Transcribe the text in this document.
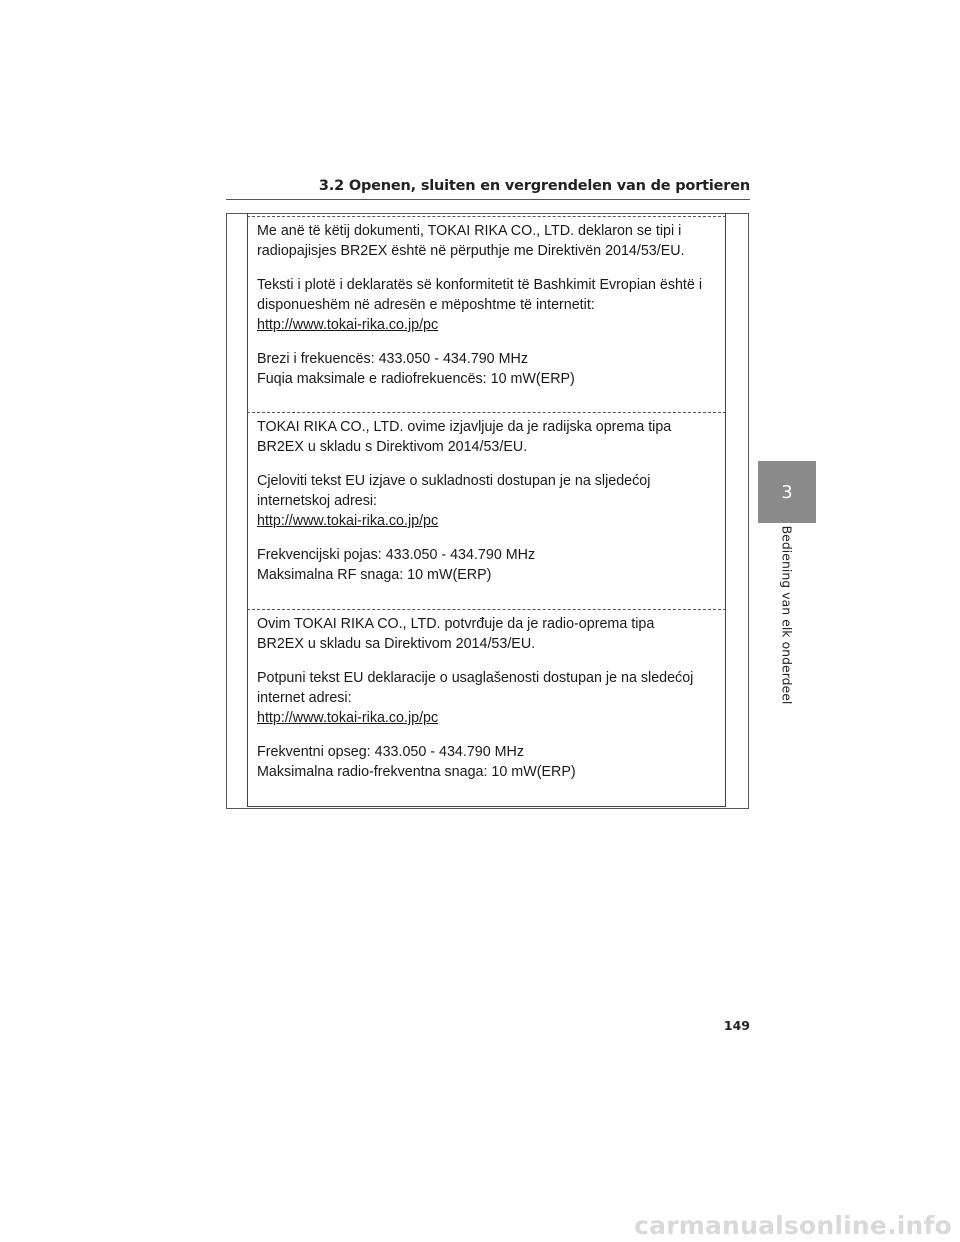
3.2 Openen, sluiten en vergrendelen van de portieren
3
Bediening van elk onderdeel

Me anë të këtij dokumenti, TOKAI RIKA CO., LTD. deklaron se tipi i

radiopajisjes BR2EX është në përputhje me Direktivën 2014/53/EU.

Teksti i plotë i deklaratës së konformitetit të Bashkimit Evropian është i

disponueshëm në adresën e mëposhtme të internetit:

http://www.tokai-rika.co.jp/pc

Brezi i frekuencës: 433.050 - 434.790 MHz

Fuqia maksimale e radiofrekuencës: 10 mW(ERP)

TOKAI RIKA CO., LTD. ovime izjavljuje da je radijska oprema tipa

BR2EX u skladu s Direktivom 2014/53/EU.

Cjeloviti tekst EU izjave o sukladnosti dostupan je na sljedećoj

internetskoj adresi:

http://www.tokai-rika.co.jp/pc

Frekvencijski pojas: 433.050 - 434.790 MHz

Maksimalna RF snaga: 10 mW(ERP)

Ovim TOKAI RIKA CO., LTD. potvrđuje da je radio-oprema tipa

BR2EX u skladu sa Direktivom 2014/53/EU.

Potpuni tekst EU deklaracije o usaglašenosti dostupan je na sledećoj

internet adresi:

http://www.tokai-rika.co.jp/pc

Frekventni opseg: 433.050 - 434.790 MHz

Maksimalna radio-frekventna snaga: 10 mW(ERP)

149
carmanualsonline.info
